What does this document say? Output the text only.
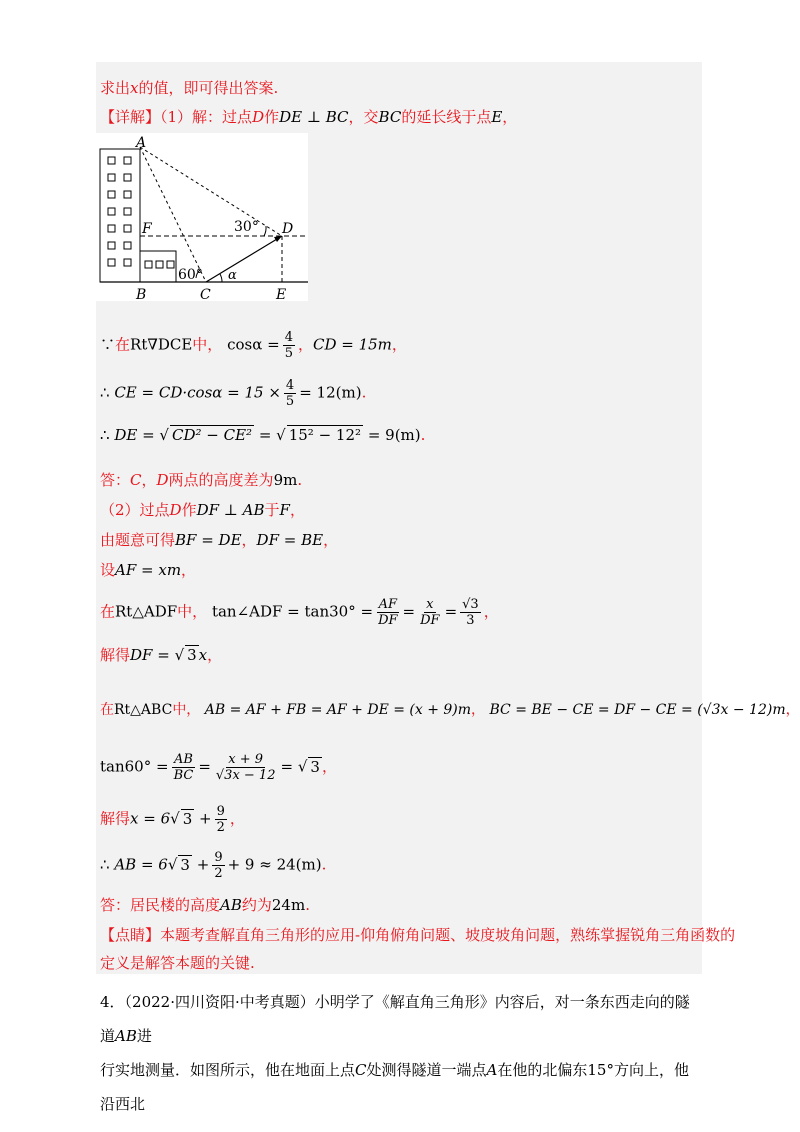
求出x的值，即可得出答案.
【详解】（1）解：过点D作DE ⊥ BC，交BC的延长线于点E，
A
B	C
D
E
F	30°
60° α
∵在Rt∇DCE中， $\cos\alpha = \frac{4}{5}$ ，CD = 15m，
∴ CE = $CD\cdot\cos\alpha = 15 \times \frac{4}{5} = 12(m)$.
∴ DE = √ CD² − CE² = √ 15² − 12² = 9(m).
答：C，D两点的高度差为9m.
（2）过点D作DF ⊥ AB于F，
由题意可得BF = DE，DF = BE，
设AF = xm，
在Rt△ADF中， tan∠ADF = $\tan 30^\circ = \frac{AF}{DF} = \frac{x}{DF} = \frac{√3}{3}$ ，
解得DF = √ 3 x，
在Rt△ABC中， AB = AF + FB = AF + DE = (x + 9)m， BC = BE − CE = DF − CE = (√3x − 12)m，
$\tan 60^\circ = \frac{AB}{BC} = \frac{x + 9}{√3x - 12}$ = √ 3 ，
解得x = 6√ $3 + \frac{9}{2}$ ，
∴ AB = 6√ $3 + \frac{9}{2} + 9 \approx 24(m)$.
答：居民楼的高度AB约为24m.
【点睛】本题考查解直角三角形的应用-仰角俯角问题、坡度坡角问题，熟练掌握锐角三角函数的
定义是解答本题的关键.
4．（2022·四川资阳·中考真题）小明学了《解直角三角形》内容后，对一条东西走向的隧道AB进
行实地测量．如图所示，他在地面上点C处测得隧道一端点A在他的北偏东15°方向上，他沿西北
